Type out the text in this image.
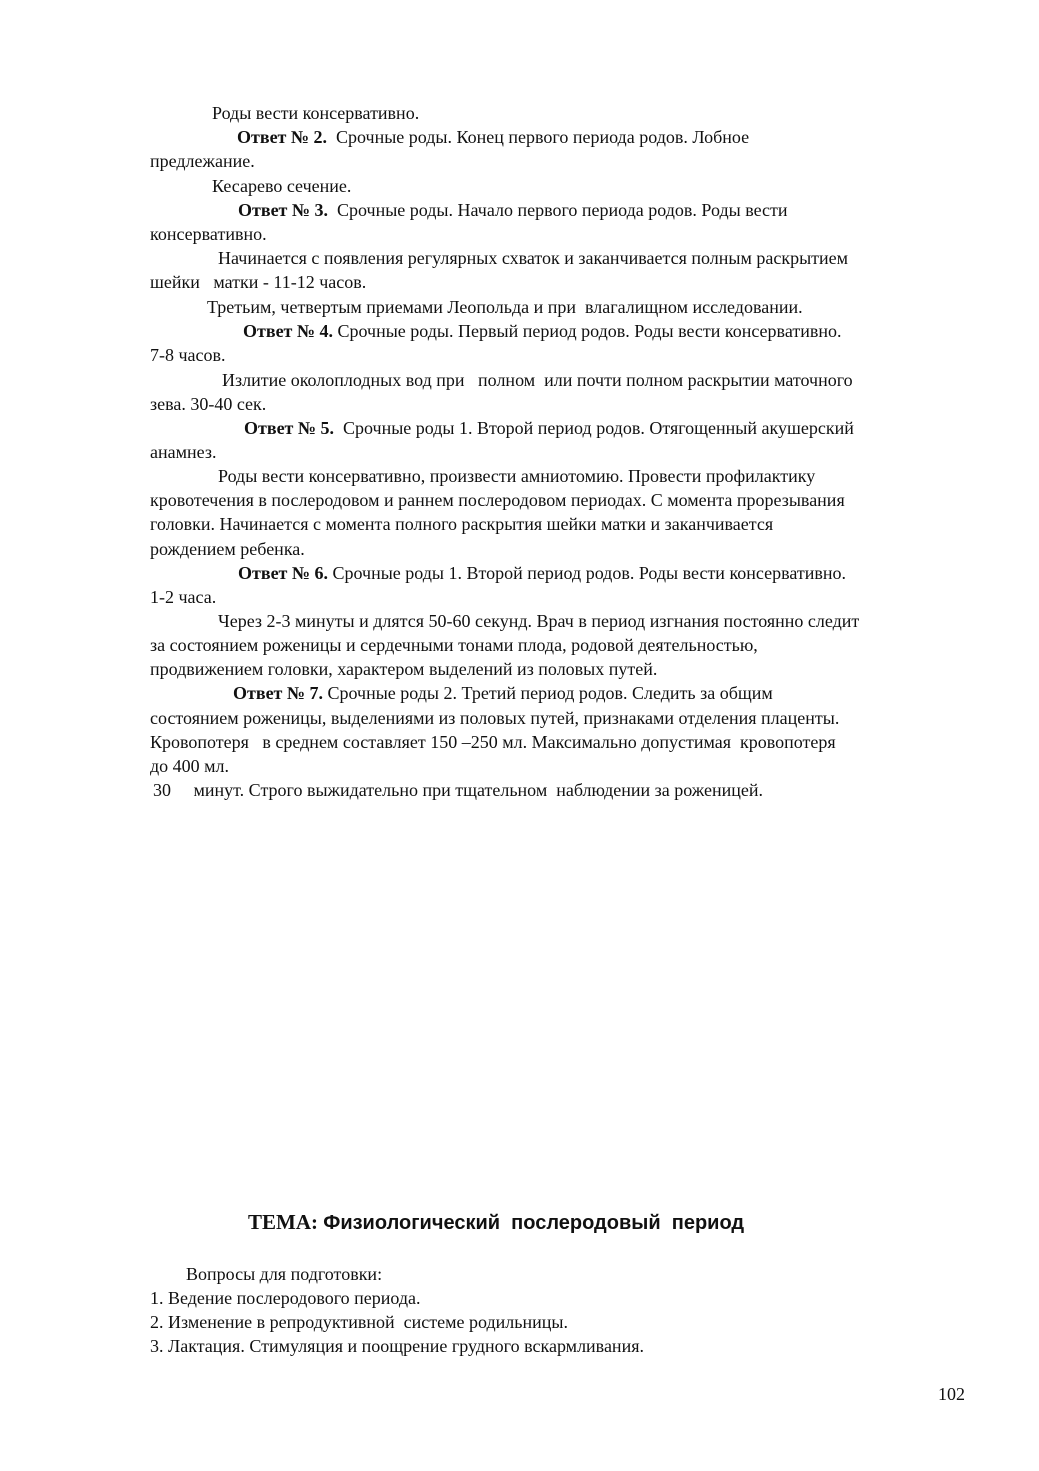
Роды вести консервативно.
Ответ № 2.  Срочные роды. Конец первого периода родов. Лобное
предлежание.
Кесарево сечение.
Ответ № 3.  Срочные роды. Начало первого периода родов. Роды вести
консервативно.
Начинается с появления регулярных схваток и заканчивается полным раскрытием
шейки   матки - 11-12 часов.
Третьим, четвертым приемами Леопольда и при  влагалищном исследовании.
Ответ № 4. Срочные роды. Первый период родов. Роды вести консервативно.
7-8 часов.
Излитие околоплодных вод при   полном  или почти полном раскрытии маточного
зева. 30-40 сек.
Ответ № 5.  Срочные роды 1. Второй период родов. Отягощенный акушерский
анамнез.
Роды вести консервативно, произвести амниотомию. Провести профилактику
кровотечения в послеродовом и раннем послеродовом периодах. С момента прорезывания
головки. Начинается с момента полного раскрытия шейки матки и заканчивается
рождением ребенка.
Ответ № 6. Срочные роды 1. Второй период родов. Роды вести консервативно.
1-2 часа.
Через 2-3 минуты и длятся 50-60 секунд. Врач в период изгнания постоянно следит
за состоянием роженицы и сердечными тонами плода, родовой деятельностью,
продвижением головки, характером выделений из половых путей.
Ответ № 7. Срочные роды 2. Третий период родов. Следить за общим
состоянием роженицы, выделениями из половых путей, признаками отделения плаценты.
Кровопотеря   в среднем составляет 150 –250 мл. Максимально допустимая  кровопотеря
до 400 мл.
30     минут. Строго выжидательно при тщательном  наблюдении за роженицей.
ТЕМА: Физиологический  послеродовый  период
Вопросы для подготовки:
1. Ведение послеродового периода.
2. Изменение в репродуктивной  системе родильницы.
3. Лактация. Стимуляция и поощрение грудного вскармливания.
102
